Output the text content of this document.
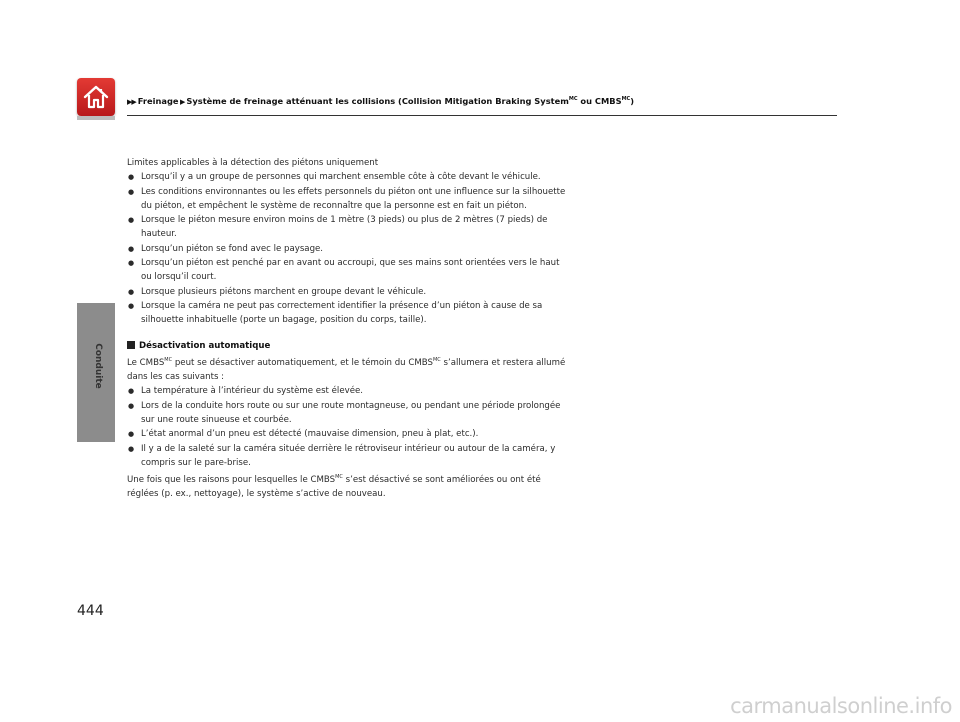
▶▶ Freinage ▶ Système de freinage atténuant les collisions (Collision Mitigation Braking System$^{MC}$ ou $CMBS^{MC}$)
Conduite
444

Limites applicables à la détection des piétons uniquement

● Lorsqu’il y a un groupe de personnes qui marchent ensemble côte à côte devant le véhicule.
● Les conditions environnantes ou les effets personnels du piéton ont une influence sur la silhouette du piéton, et empêchent le système de reconnaître que la personne est en fait un piéton.
● Lorsque le piéton mesure environ moins de 1 mètre (3 pieds) ou plus de 2 mètres (7 pieds) de hauteur.
● Lorsqu’un piéton se fond avec le paysage.
● Lorsqu’un piéton est penché par en avant ou accroupi, que ses mains sont orientées vers le haut ou lorsqu’il court.
● Lorsque plusieurs piétons marchent en groupe devant le véhicule.
● Lorsque la caméra ne peut pas correctement identifier la présence d’un piéton à cause de sa silhouette inhabituelle (porte un bagage, position du corps, taille).

Désactivation automatique

Le $CMBS^{MC}$ peut se désactiver automatiquement, et le témoin du $CMBS^{MC}$ s’allumera et restera allumé dans les cas suivants :

● La température à l’intérieur du système est élevée.
● Lors de la conduite hors route ou sur une route montagneuse, ou pendant une période prolongée sur une route sinueuse et courbée.
● L’état anormal d’un pneu est détecté (mauvaise dimension, pneu à plat, etc.).
● Il y a de la saleté sur la caméra située derrière le rétroviseur intérieur ou autour de la caméra, y compris sur le pare-brise.

Une fois que les raisons pour lesquelles le $CMBS^{MC}$ s’est désactivé se sont améliorées ou ont été réglées (p. ex., nettoyage), le système s’active de nouveau.

carmanualsonline.info
